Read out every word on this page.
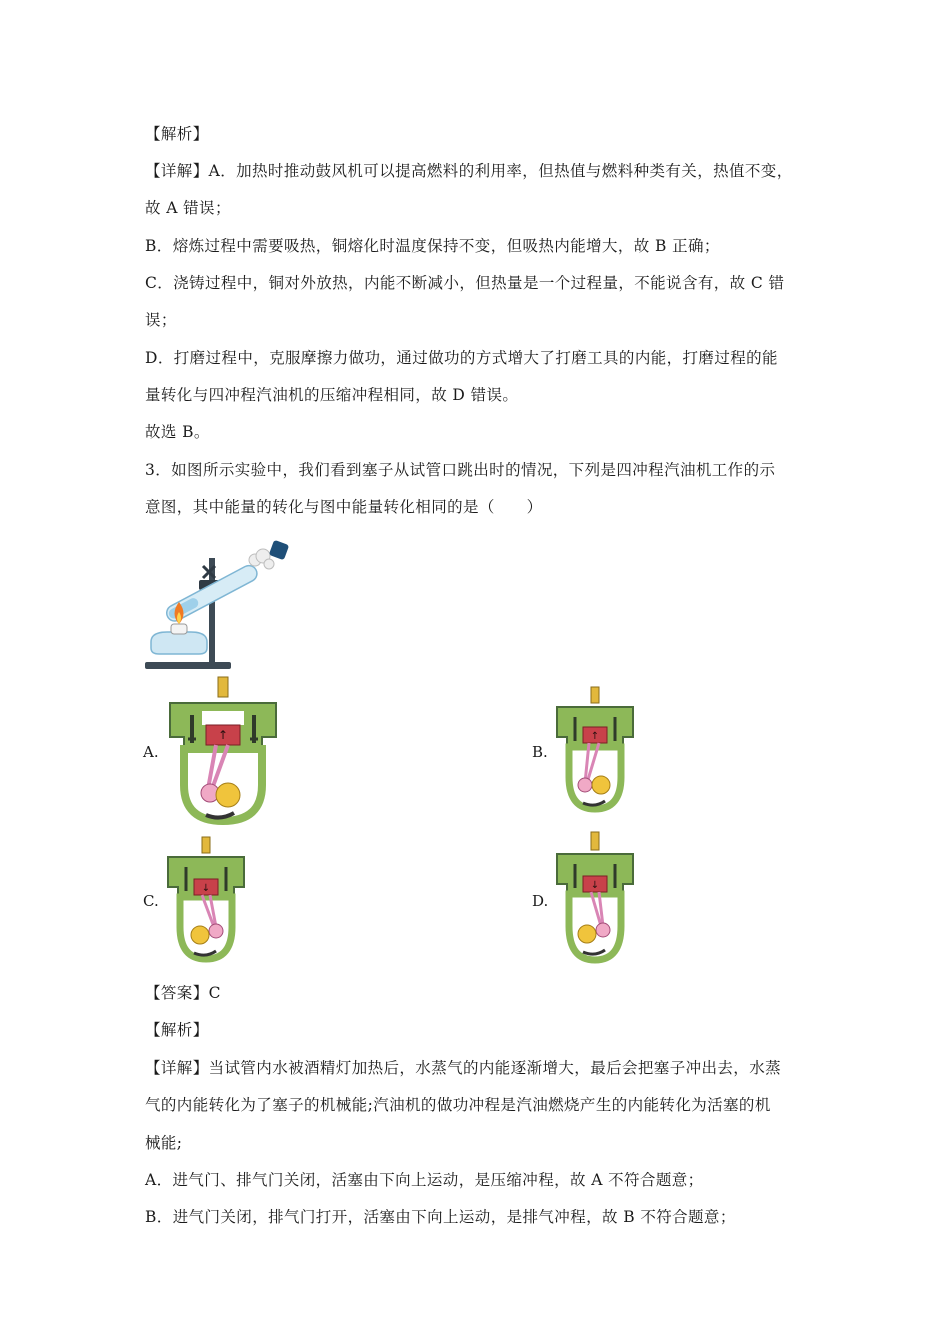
【解析】
【详解】A．加热时推动鼓风机可以提高燃料的利用率，但热值与燃料种类有关，热值不变，
故 A 错误；
B．熔炼过程中需要吸热，铜熔化时温度保持不变，但吸热内能增大，故 B 正确；
C．浇铸过程中，铜对外放热，内能不断减小，但热量是一个过程量，不能说含有，故 C 错
误；
D．打磨过程中，克服摩擦力做功，通过做功的方式增大了打磨工具的内能，打磨过程的能
量转化与四冲程汽油机的压缩冲程相同，故 D 错误。
故选 B。
3．如图所示实验中，我们看到塞子从试管口跳出时的情况，下列是四冲程汽油机工作的示
意图，其中能量的转化与图中能量转化相同的是（　　）
A.	B.
C.	D.
↑	↑
↓	↓
【答案】C
【解析】
【详解】当试管内水被酒精灯加热后，水蒸气的内能逐渐增大，最后会把塞子冲出去，水蒸
气的内能转化为了塞子的机械能;汽油机的做功冲程是汽油燃烧产生的内能转化为活塞的机
械能;
A．进气门、排气门关闭，活塞由下向上运动，是压缩冲程，故 A 不符合题意；
B．进气门关闭，排气门打开，活塞由下向上运动，是排气冲程，故 B 不符合题意；
